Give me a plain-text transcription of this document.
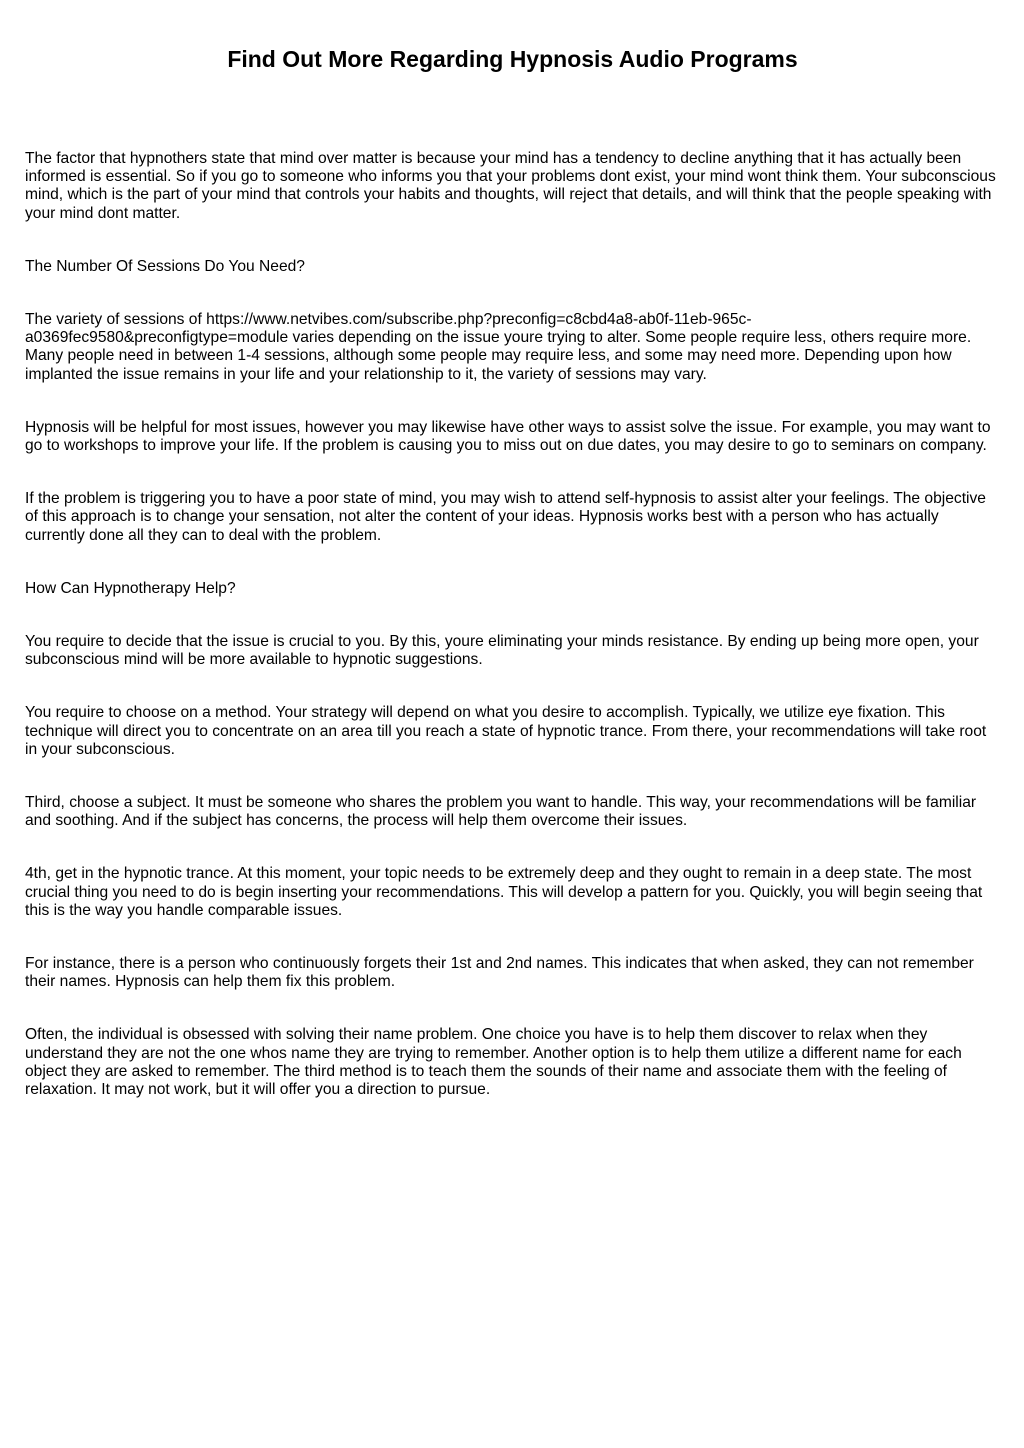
Find Out More Regarding Hypnosis Audio Programs

The factor that hypnothers state that mind over matter is because your mind has a tendency to decline anything that it has actually been informed is essential. So if you go to someone who informs you that your problems dont exist, your mind wont think them. Your subconscious mind, which is the part of your mind that controls your habits and thoughts, will reject that details, and will think that the people speaking with your mind dont matter.

The Number Of Sessions Do You Need?

The variety of sessions of https://www.netvibes.com/subscribe.php?preconfig=c8cbd4a8-ab0f-11eb-965c-a0369fec9580&preconfigtype=module varies depending on the issue youre trying to alter. Some people require less, others require more. Many people need in between 1-4 sessions, although some people may require less, and some may need more. Depending upon how implanted the issue remains in your life and your relationship to it, the variety of sessions may vary.

Hypnosis will be helpful for most issues, however you may likewise have other ways to assist solve the issue. For example, you may want to go to workshops to improve your life. If the problem is causing you to miss out on due dates, you may desire to go to seminars on company.

If the problem is triggering you to have a poor state of mind, you may wish to attend self-hypnosis to assist alter your feelings. The objective of this approach is to change your sensation, not alter the content of your ideas. Hypnosis works best with a person who has actually currently done all they can to deal with the problem.

How Can Hypnotherapy Help?

You require to decide that the issue is crucial to you. By this, youre eliminating your minds resistance. By ending up being more open, your subconscious mind will be more available to hypnotic suggestions.

You require to choose on a method. Your strategy will depend on what you desire to accomplish. Typically, we utilize eye fixation. This technique will direct you to concentrate on an area till you reach a state of hypnotic trance. From there, your recommendations will take root in your subconscious.

Third, choose a subject. It must be someone who shares the problem you want to handle. This way, your recommendations will be familiar and soothing. And if the subject has concerns, the process will help them overcome their issues.

4th, get in the hypnotic trance. At this moment, your topic needs to be extremely deep and they ought to remain in a deep state. The most crucial thing you need to do is begin inserting your recommendations. This will develop a pattern for you. Quickly, you will begin seeing that this is the way you handle comparable issues.

For instance, there is a person who continuously forgets their 1st and 2nd names. This indicates that when asked, they can not remember their names. Hypnosis can help them fix this problem.

Often, the individual is obsessed with solving their name problem. One choice you have is to help them discover to relax when they understand they are not the one whos name they are trying to remember. Another option is to help them utilize a different name for each object they are asked to remember. The third method is to teach them the sounds of their name and associate them with the feeling of relaxation. It may not work, but it will offer you a direction to pursue.
